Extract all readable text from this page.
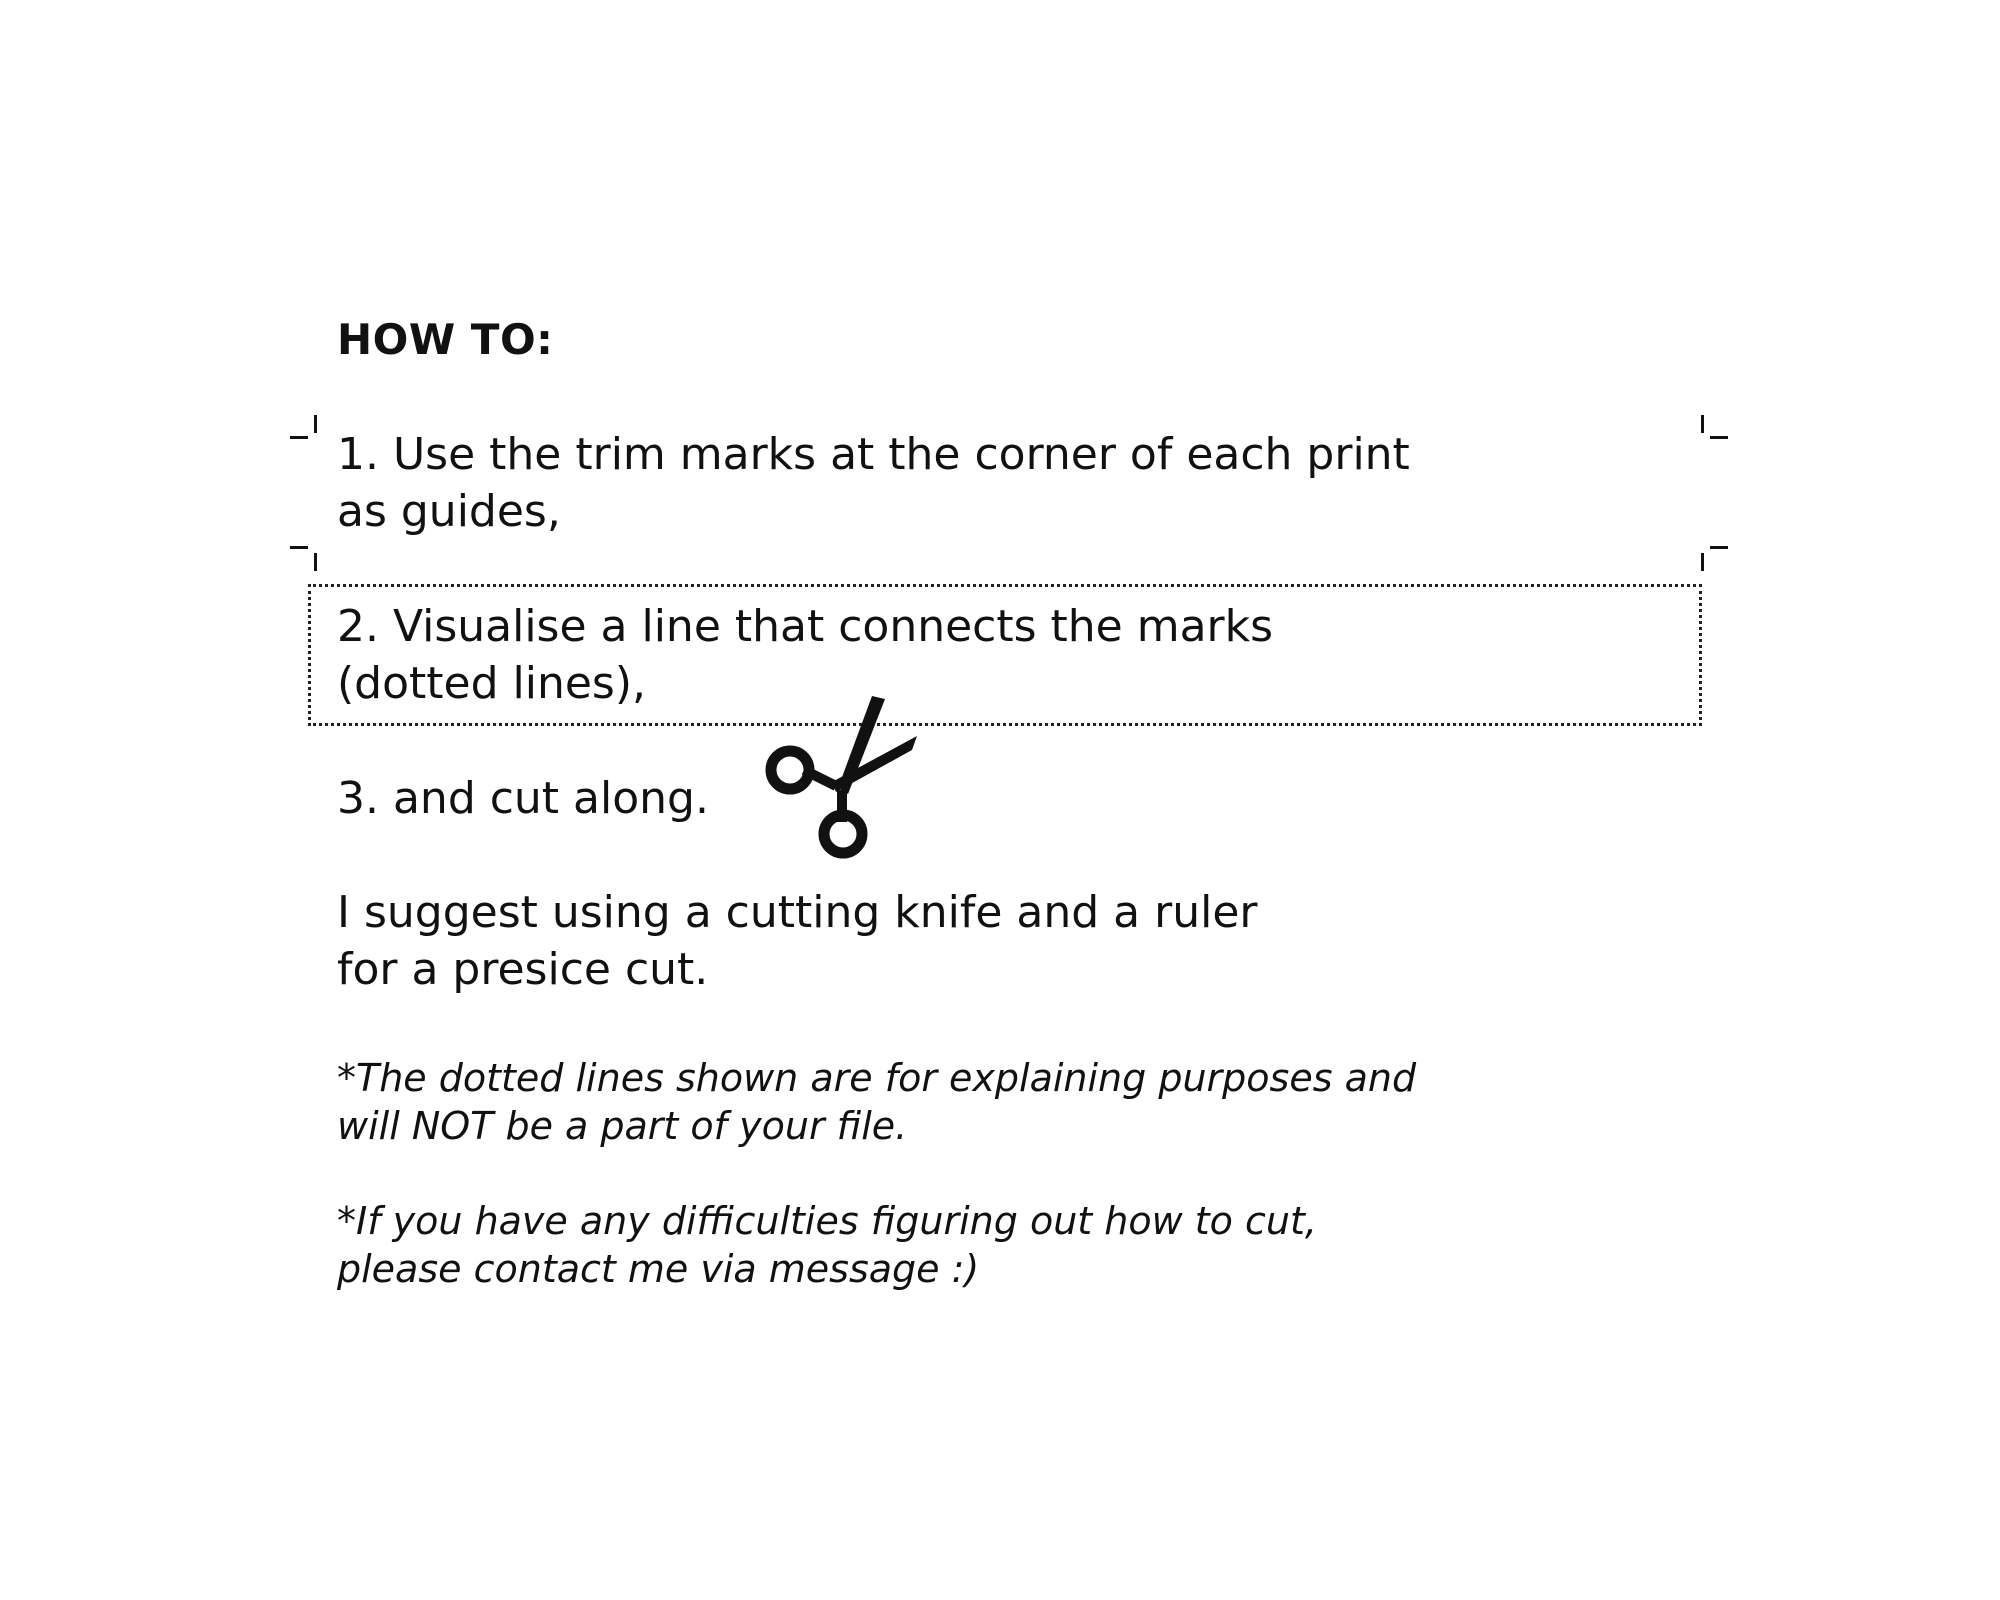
HOW TO:
1. Use the trim marks at the corner of each print
as guides,
2. Visualise a line that connects the marks
(dotted lines),
3. and cut along.
I suggest using a cutting knife and a ruler
for a presice cut.
*The dotted lines shown are for explaining purposes and
will NOT be a part of your file.
*If you have any difficulties figuring out how to cut,
please contact me via message :)
